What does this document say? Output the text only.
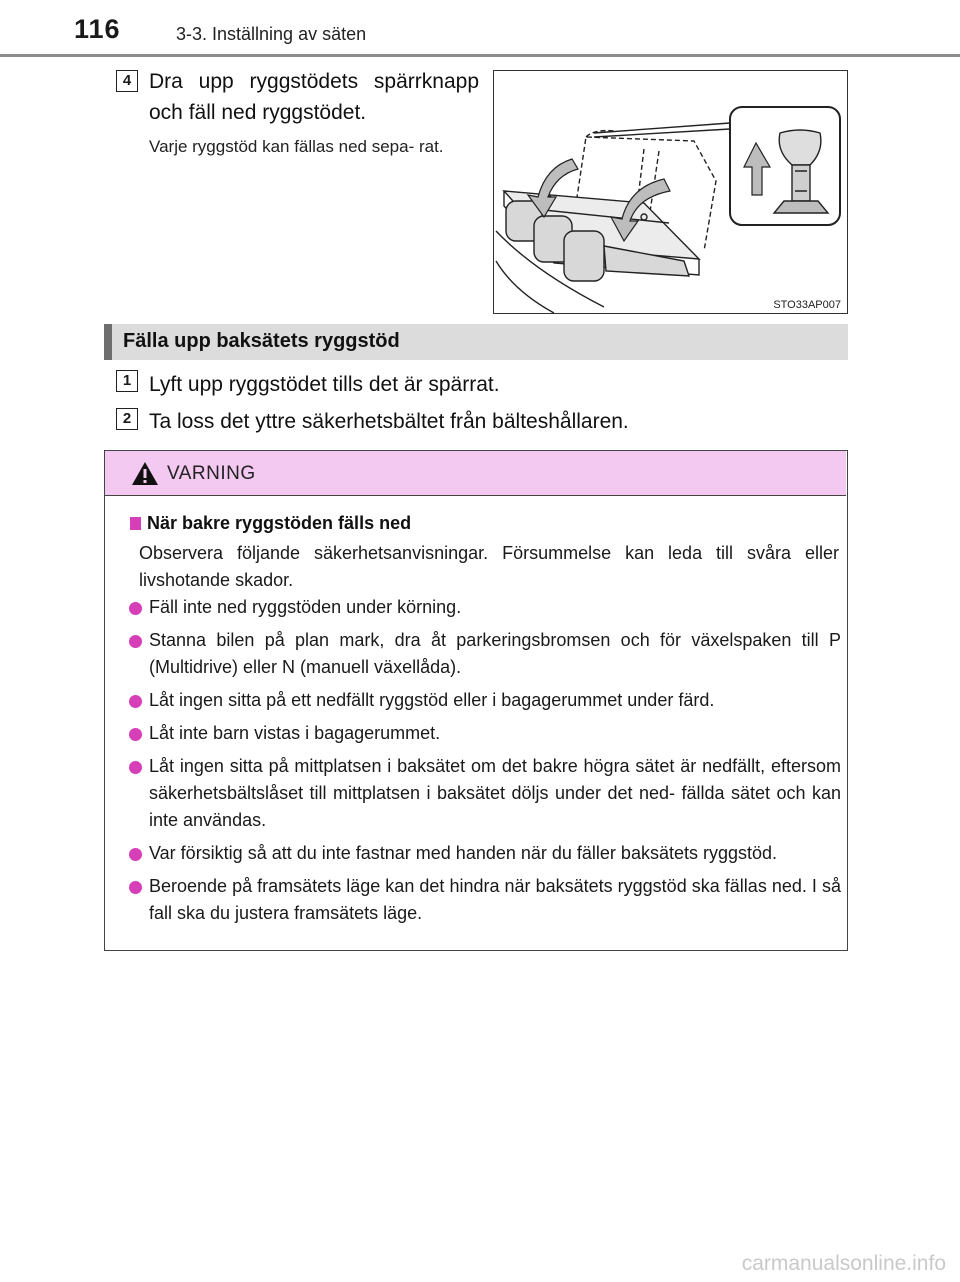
116	3-3. Inställning av säten
4 Dra upp ryggstödets spärrknapp och fäll ned ryggstödet.
Varje ryggstöd kan fällas ned sepa- rat.
STO33AP007
Fälla upp baksätets ryggstöd
1 Lyft upp ryggstödet tills det är spärrat.
2 Ta loss det yttre säkerhetsbältet från bälteshållaren.
VARNING
När bakre ryggstöden fälls ned
Observera följande säkerhetsanvisningar. Försummelse kan leda till svåra eller livshotande skador.
Fäll inte ned ryggstöden under körning.
Stanna bilen på plan mark, dra åt parkeringsbromsen och för växelspaken till P (Multidrive) eller N (manuell växellåda).
Låt ingen sitta på ett nedfällt ryggstöd eller i bagagerummet under färd.
Låt inte barn vistas i bagagerummet.
Låt ingen sitta på mittplatsen i baksätet om det bakre högra sätet är nedfällt, eftersom säkerhetsbältslåset till mittplatsen i baksätet döljs under det ned- fällda sätet och kan inte användas.
Var försiktig så att du inte fastnar med handen när du fäller baksätets ryggstöd.
Beroende på framsätets läge kan det hindra när baksätets ryggstöd ska fällas ned. I så fall ska du justera framsätets läge.
carmanualsonline.info
